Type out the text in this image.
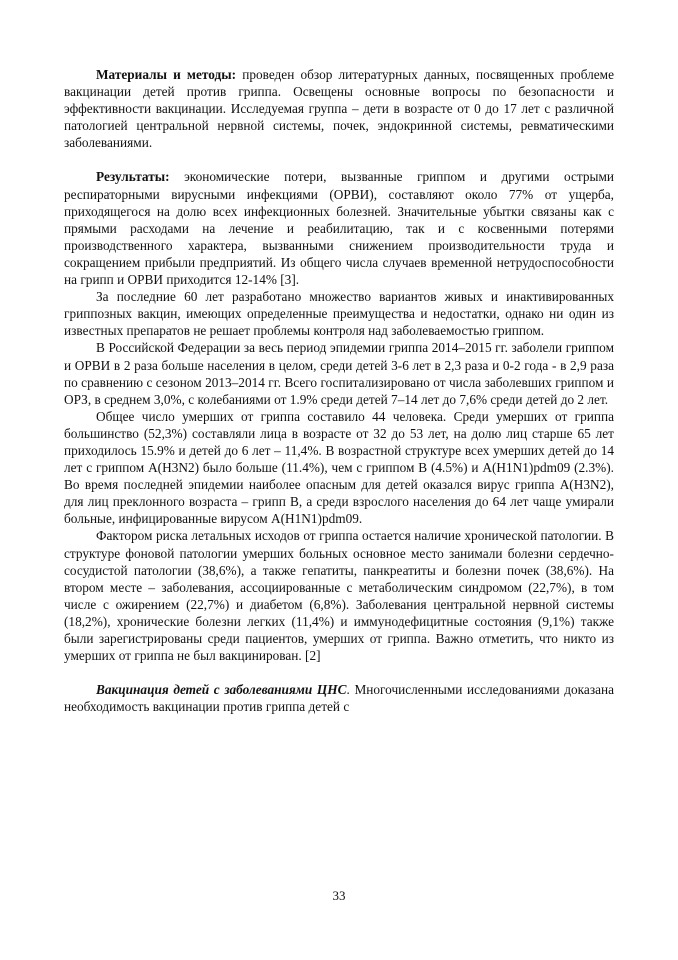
Материалы и методы: проведен обзор литературных данных, посвященных проблеме вакцинации детей против гриппа. Освещены основные вопросы по безопасности и эффективности вакцинации. Исследуемая группа – дети в возрасте от 0 до 17 лет с различной патологией центральной нервной системы, почек, эндокринной системы, ревматическими заболеваниями.

Результаты: экономические потери, вызванные гриппом и другими острыми респираторными вирусными инфекциями (ОРВИ), составляют около 77% от ущерба, приходящегося на долю всех инфекционных болезней. Значительные убытки связаны как с прямыми расходами на лечение и реабилитацию, так и с косвенными потерями производственного характера, вызванными снижением производительности труда и сокращением прибыли предприятий. Из общего числа случаев временной нетрудоспособности на грипп и ОРВИ приходится 12-14% [3].

За последние 60 лет разработано множество вариантов живых и инактивированных гриппозных вакцин, имеющих определенные преимущества и недостатки, однако ни один из известных препаратов не решает проблемы контроля над заболеваемостью гриппом.

В Российской Федерации за весь период эпидемии гриппа 2014–2015 гг. заболели гриппом и ОРВИ в 2 раза больше населения в целом, среди детей 3-6 лет в 2,3 раза и 0-2 года - в 2,9 раза по сравнению с сезоном 2013–2014 гг. Всего госпитализировано от числа заболевших гриппом и ОРЗ, в среднем 3,0%, с колебаниями от 1.9% среди детей 7–14 лет до 7,6% среди детей до 2 лет.

Общее число умерших от гриппа составило 44 человека. Среди умерших от гриппа большинство (52,3%) составляли лица в возрасте от 32 до 53 лет, на долю лиц старше 65 лет приходилось 15.9% и детей до 6 лет – 11,4%. В возрастной структуре всех умерших детей до 14 лет с гриппом A(H3N2) было больше (11.4%), чем с гриппом B (4.5%) и A(H1N1)pdm09 (2.3%). Во время последней эпидемии наиболее опасным для детей оказался вирус гриппа A(H3N2), для лиц преклонного возраста – грипп B, а среди взрослого населения до 64 лет чаще умирали больные, инфицированные вирусом A(H1N1)pdm09.

Фактором риска летальных исходов от гриппа остается наличие хронической патологии. В структуре фоновой патологии умерших больных основное место занимали болезни сердечно-сосудистой патологии (38,6%), а также гепатиты, панкреатиты и болезни почек (38,6%). На втором месте – заболевания, ассоциированные с метаболическим синдромом (22,7%), в том числе с ожирением (22,7%) и диабетом (6,8%). Заболевания центральной нервной системы (18,2%), хронические болезни легких (11,4%) и иммунодефицитные состояния (9,1%) также были зарегистрированы среди пациентов, умерших от гриппа. Важно отметить, что никто из умерших от гриппа не был вакцинирован. [2]

Вакцинация детей с заболеваниями ЦНС. Многочисленными исследованиями доказана необходимость вакцинации против гриппа детей с

33
